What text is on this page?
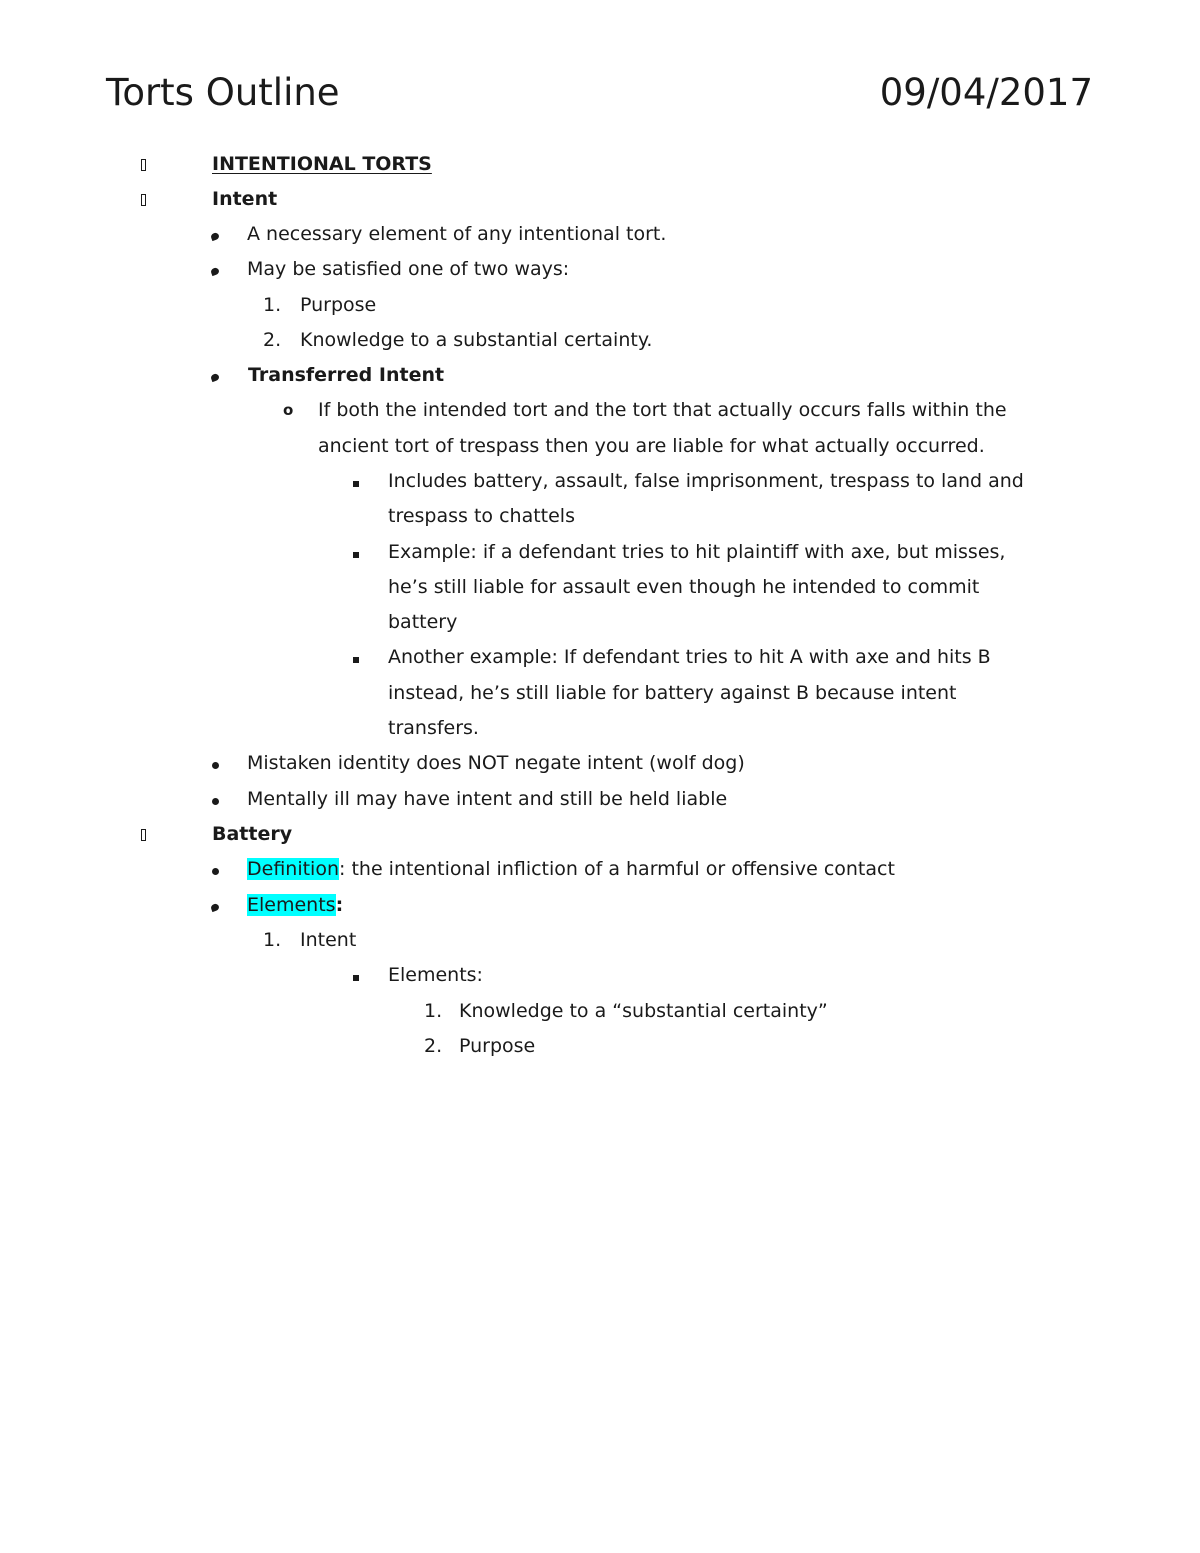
Torts Outline	09/04/2017
INTENTIONAL TORTS
Intent
A necessary element of any intentional tort.
May be satisfied one of two ways:
1. Purpose
2. Knowledge to a substantial certainty.
Transferred Intent
o If both the intended tort and the tort that actually occurs falls within the
ancient tort of trespass then you are liable for what actually occurred.
Includes battery, assault, false imprisonment, trespass to land and
trespass to chattels
Example: if a defendant tries to hit plaintiff with axe, but misses,
he’s still liable for assault even though he intended to commit
battery
Another example: If defendant tries to hit A with axe and hits B
instead, he’s still liable for battery against B because intent
transfers.
Mistaken identity does NOT negate intent (wolf dog)
Mentally ill may have intent and still be held liable
Battery
Definition: the intentional infliction of a harmful or offensive contact
Elements:
1. Intent
Elements:
1. Knowledge to a “substantial certainty”
2. Purpose
